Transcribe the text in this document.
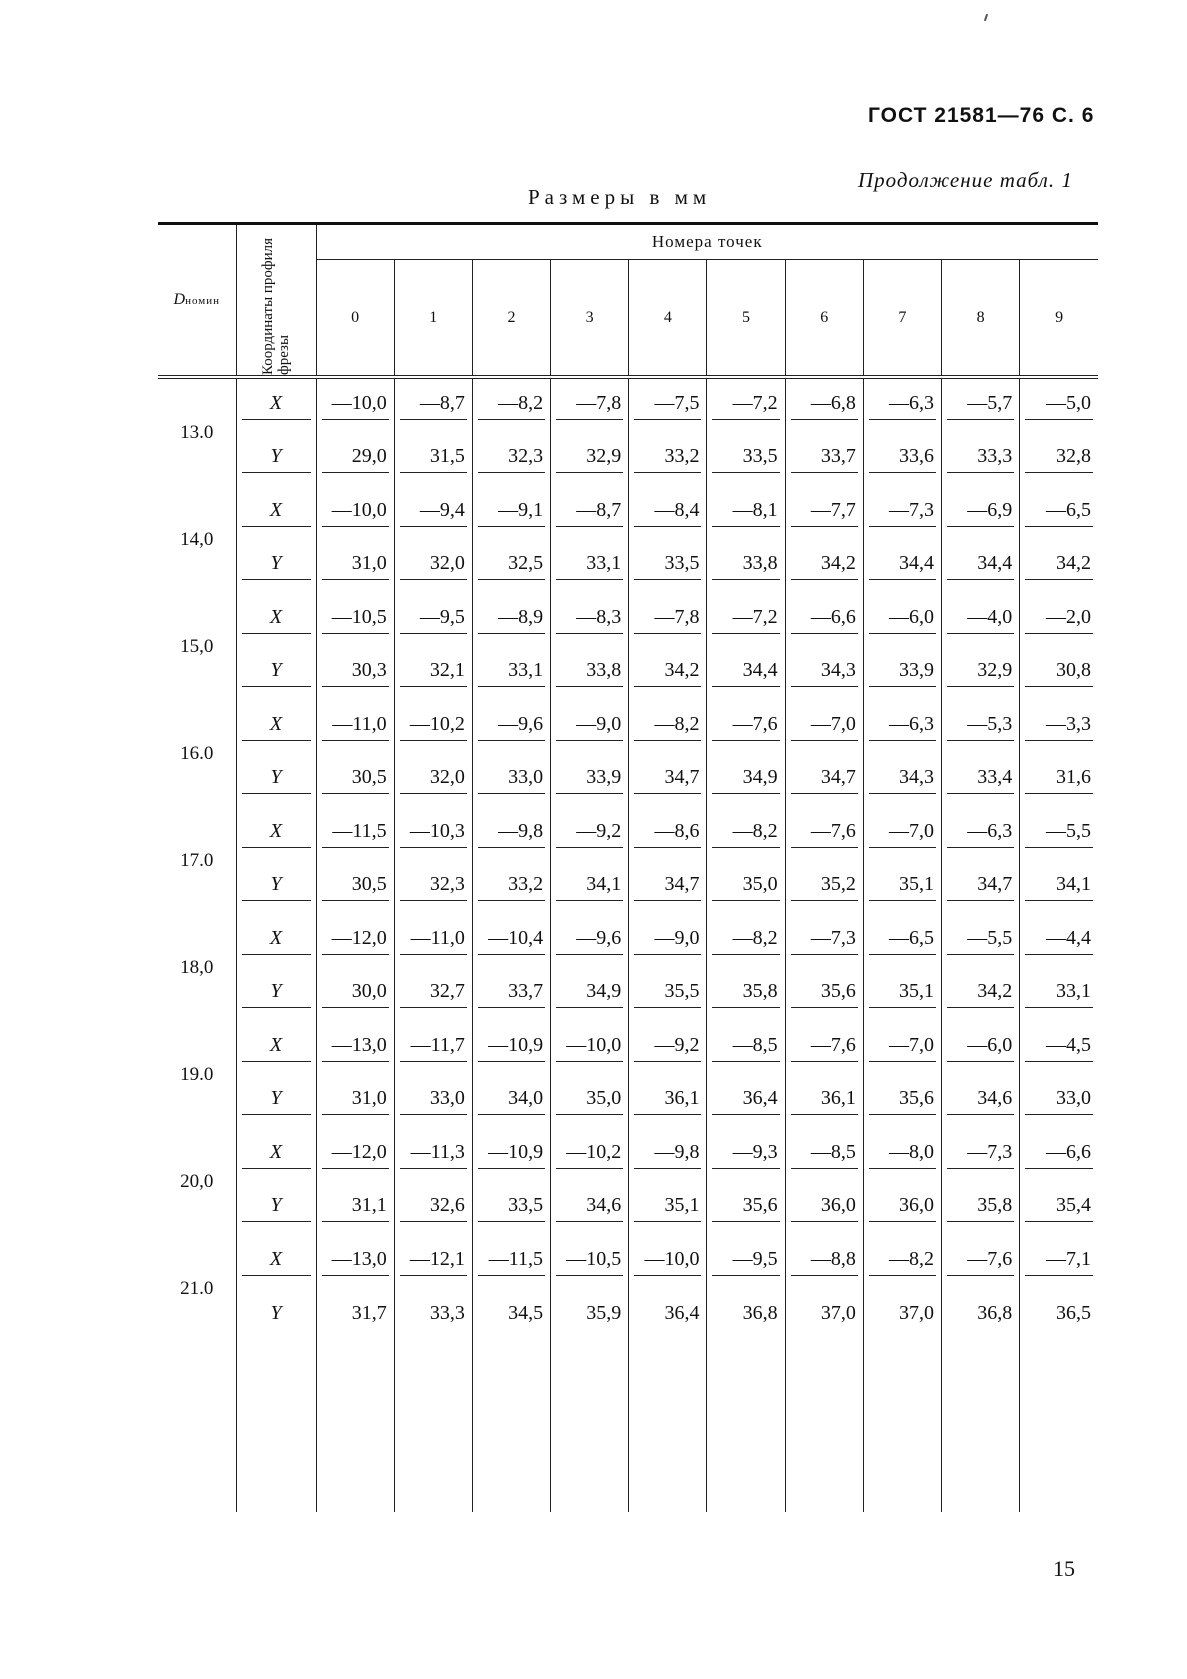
ГОСТ 21581—76 С. 6
Продолжение табл. 1
Размеры в мм
Dномин	Координаты профиля фрезы	Номера точек									
		0	1	2	3	4	5	6	7	8	9

13.0	X	—10,0	—8,7	—8,2	—7,8	—7,5	—7,2	—6,8	—6,3	—5,7	—5,0

	Y	29,0	31,5	32,3	32,9	33,2	33,5	33,7	33,6	33,3	32,8

14,0	X	—10,0	—9,4	—9,1	—8,7	—8,4	—8,1	—7,7	—7,3	—6,9	—6,5

	Y	31,0	32,0	32,5	33,1	33,5	33,8	34,2	34,4	34,4	34,2

15,0	X	—10,5	—9,5	—8,9	—8,3	—7,8	—7,2	—6,6	—6,0	—4,0	—2,0

	Y	30,3	32,1	33,1	33,8	34,2	34,4	34,3	33,9	32,9	30,8

16.0	X	—11,0	—10,2	—9,6	—9,0	—8,2	—7,6	—7,0	—6,3	—5,3	—3,3

	Y	30,5	32,0	33,0	33,9	34,7	34,9	34,7	34,3	33,4	31,6

17.0	X	—11,5	—10,3	—9,8	—9,2	—8,6	—8,2	—7,6	—7,0	—6,3	—5,5

	Y	30,5	32,3	33,2	34,1	34,7	35,0	35,2	35,1	34,7	34,1

18,0	X	—12,0	—11,0	—10,4	—9,6	—9,0	—8,2	—7,3	—6,5	—5,5	—4,4

	Y	30,0	32,7	33,7	34,9	35,5	35,8	35,6	35,1	34,2	33,1

19.0	X	—13,0	—11,7	—10,9	—10,0	—9,2	—8,5	—7,6	—7,0	—6,0	—4,5

	Y	31,0	33,0	34,0	35,0	36,1	36,4	36,1	35,6	34,6	33,0

20,0	X	—12,0	—11,3	—10,9	—10,2	—9,8	—9,3	—8,5	—8,0	—7,3	—6,6

	Y	31,1	32,6	33,5	34,6	35,1	35,6	36,0	36,0	35,8	35,4

21.0	X	—13,0	—12,1	—11,5	—10,5	—10,0	—9,5	—8,8	—8,2	—7,6	—7,1

	Y	31,7	33,3	34,5	35,9	36,4	36,8	37,0	37,0	36,8	36,5

15
